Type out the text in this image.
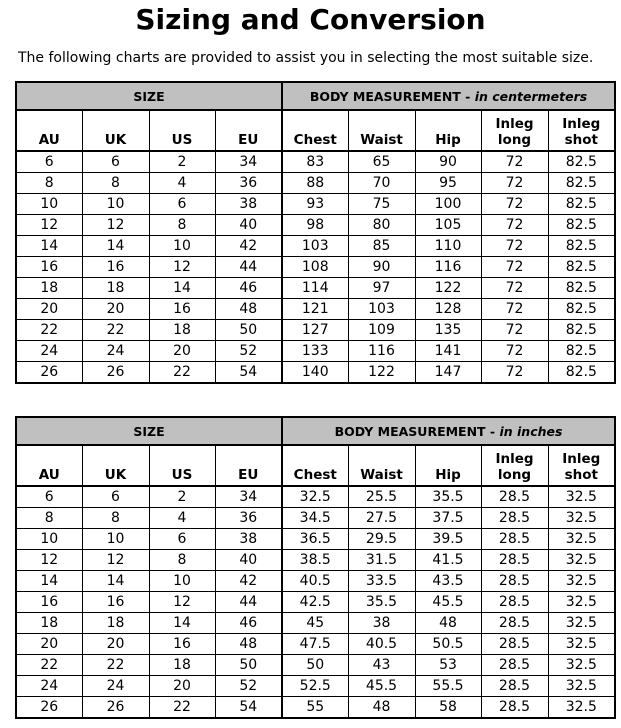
Sizing and Conversion
The following charts are provided to assist you in selecting the most suitable size.
SIZE				BODY MEASUREMENT - in centermeters				
AU	UK	US	EU	Chest	Waist	Hip	Inleg long	Inleg shot
6	6	2	34	83	65	90	72	82.5
8	8	4	36	88	70	95	72	82.5
10	10	6	38	93	75	100	72	82.5
12	12	8	40	98	80	105	72	82.5
14	14	10	42	103	85	110	72	82.5
16	16	12	44	108	90	116	72	82.5
18	18	14	46	114	97	122	72	82.5
20	20	16	48	121	103	128	72	82.5
22	22	18	50	127	109	135	72	82.5
24	24	20	52	133	116	141	72	82.5
26	26	22	54	140	122	147	72	82.5
SIZE				BODY MEASUREMENT - in inches				
AU	UK	US	EU	Chest	Waist	Hip	Inleg long	Inleg shot
6	6	2	34	32.5	25.5	35.5	28.5	32.5
8	8	4	36	34.5	27.5	37.5	28.5	32.5
10	10	6	38	36.5	29.5	39.5	28.5	32.5
12	12	8	40	38.5	31.5	41.5	28.5	32.5
14	14	10	42	40.5	33.5	43.5	28.5	32.5
16	16	12	44	42.5	35.5	45.5	28.5	32.5
18	18	14	46	45	38	48	28.5	32.5
20	20	16	48	47.5	40.5	50.5	28.5	32.5
22	22	18	50	50	43	53	28.5	32.5
24	24	20	52	52.5	45.5	55.5	28.5	32.5
26	26	22	54	55	48	58	28.5	32.5
